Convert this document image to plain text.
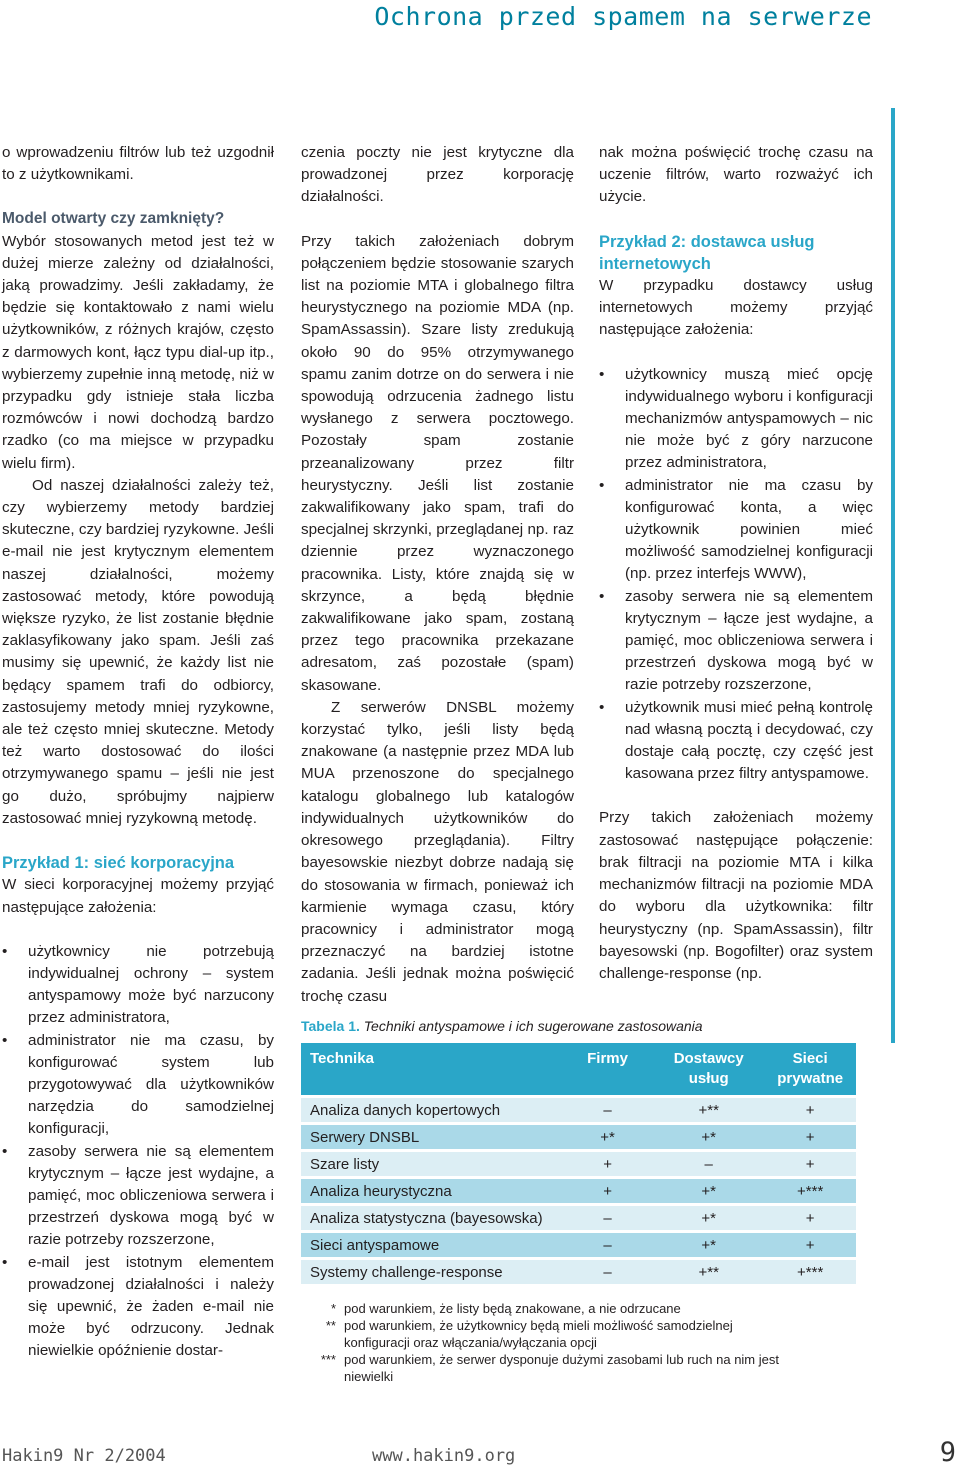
Ochrona przed spamem na serwerze

o wprowadzeniu filtrów lub też uzgodnił to z użytkownikami.

Model otwarty czy zamknięty?

Wybór stosowanych metod jest też w dużej mierze zależny od działalności, jaką prowadzimy. Jeśli zakładamy, że będzie się kontaktowało z nami wielu użytkowników, z różnych krajów, często z darmowych kont, łącz typu dial-up itp., wybierzemy zupełnie inną metodę, niż w przypadku gdy istnieje stała liczba rozmówców i nowi dochodzą bardzo rzadko (co ma miejsce w przypadku wielu firm).

Od naszej działalności zależy też, czy wybierzemy metody bardziej skuteczne, czy bardziej ryzykowne. Jeśli e-mail nie jest krytycznym elementem naszej działalności, możemy zastosować metody, które powodują większe ryzyko, że list zostanie błędnie zaklasyfikowany jako spam. Jeśli zaś musimy się upewnić, że każdy list nie będący spamem trafi do odbiorcy, zastosujemy metody mniej ryzykowne, ale też często mniej skuteczne. Metody też warto dostosować do ilości otrzymywanego spamu – jeśli nie jest go dużo, spróbujmy najpierw zastosować mniej ryzykowną metodę.

Przykład 1: sieć korporacyjna

W sieci korporacyjnej możemy przyjąć następujące założenia:

• użytkownicy nie potrzebują indywidualnej ochrony – system antyspamowy może być narzucony przez administratora,
• administrator nie ma czasu, by konfigurować system lub przygotowywać dla użytkowników narzędzia do samodzielnej konfiguracji,
• zasoby serwera nie są elementem krytycznym – łącze jest wydajne, a pamięć, moc obliczeniowa serwera i przestrzeń dyskowa mogą być w razie potrzeby rozszerzone,
• e-mail jest istotnym elementem prowadzonej działalności i należy się upewnić, że żaden e-mail nie może być odrzucony. Jednak niewielkie opóźnienie dostar-

czenia poczty nie jest krytyczne dla prowadzonej przez korporację działalności.

Przy takich założeniach dobrym połączeniem będzie stosowanie szarych list na poziomie MTA i globalnego filtra heurystycznego na poziomie MDA (np. SpamAssassin). Szare listy zredukują około 90 do 95% otrzymywanego spamu zanim dotrze on do serwera i nie spowodują odrzucenia żadnego listu wysłanego z serwera pocztowego. Pozostały spam zostanie przeanalizowany przez filtr heurystyczny. Jeśli list zostanie zakwalifikowany jako spam, trafi do specjalnej skrzynki, przeglądanej np. raz dziennie przez wyznaczonego pracownika. Listy, które znajdą się w skrzynce, a będą błędnie zakwalifikowane jako spam, zostaną przez tego pracownika przekazane adresatom, zaś pozostałe (spam) skasowane.

Z serwerów DNSBL możemy korzystać tylko, jeśli listy będą znakowane (a następnie przez MDA lub MUA przenoszone do specjalnego katalogu globalnego lub katalogów indywidualnych użytkowników do okresowego przeglądania). Filtry bayesowskie niezbyt dobrze nadają się do stosowania w firmach, ponieważ ich karmienie wymaga czasu, który pracownicy i administrator mogą przeznaczyć na bardziej istotne zadania. Jeśli jednak można poświęcić trochę czasu

nak można poświęcić trochę czasu na uczenie filtrów, warto rozważyć ich użycie.

Przykład 2: dostawca usług internetowych

W przypadku dostawcy usług internetowych możemy przyjąć następujące założenia:

• użytkownicy muszą mieć opcję indywidualnego wyboru i konfiguracji mechanizmów antyspamowych – nic nie może być z góry narzucone przez administratora,
• administrator nie ma czasu by konfigurować konta, a więc użytkownik powinien mieć możliwość samodzielnej konfiguracji (np. przez interfejs WWW),
• zasoby serwera nie są elementem krytycznym – łącze jest wydajne, a pamięć, moc obliczeniowa serwera i przestrzeń dyskowa mogą być w razie potrzeby rozszerzone,
• użytkownik musi mieć pełną kontrolę nad własną pocztą i decydować, czy dostaje całą pocztę, czy część jest kasowana przez filtry antyspamowe.

Przy takich założeniach możemy zastosować następujące połączenie: brak filtracji na poziomie MTA i kilka mechanizmów filtracji na poziomie MDA do wyboru dla użytkownika: filtr heurystyczny (np. SpamAssassin), filtr bayesowski (np. Bogofilter) oraz system challenge-response (np.

Tabela 1. Techniki antyspamowe i ich sugerowane zastosowania
Technika	Firmy	Dostawcy usług	Sieci prywatne
Analiza danych kopertowych	–	+**	+
Serwery DNSBL	+*	+*	+
Szare listy	+	–	+
Analiza heurystyczna	+	+*	+***
Analiza statystyczna (bayesowska)	–	+*	+
Sieci antyspamowe	–	+*	+
Systemy challenge-response	–	+**	+***
* pod warunkiem, że listy będą znakowane, a nie odrzucane
** pod warunkiem, że użytkownicy będą mieli możliwość samodzielnej konfiguracji oraz włączania/wyłączania opcji
*** pod warunkiem, że serwer dysponuje dużymi zasobami lub ruch na nim jest niewielki
Hakin9 Nr 2/2004	www.hakin9.org	9
